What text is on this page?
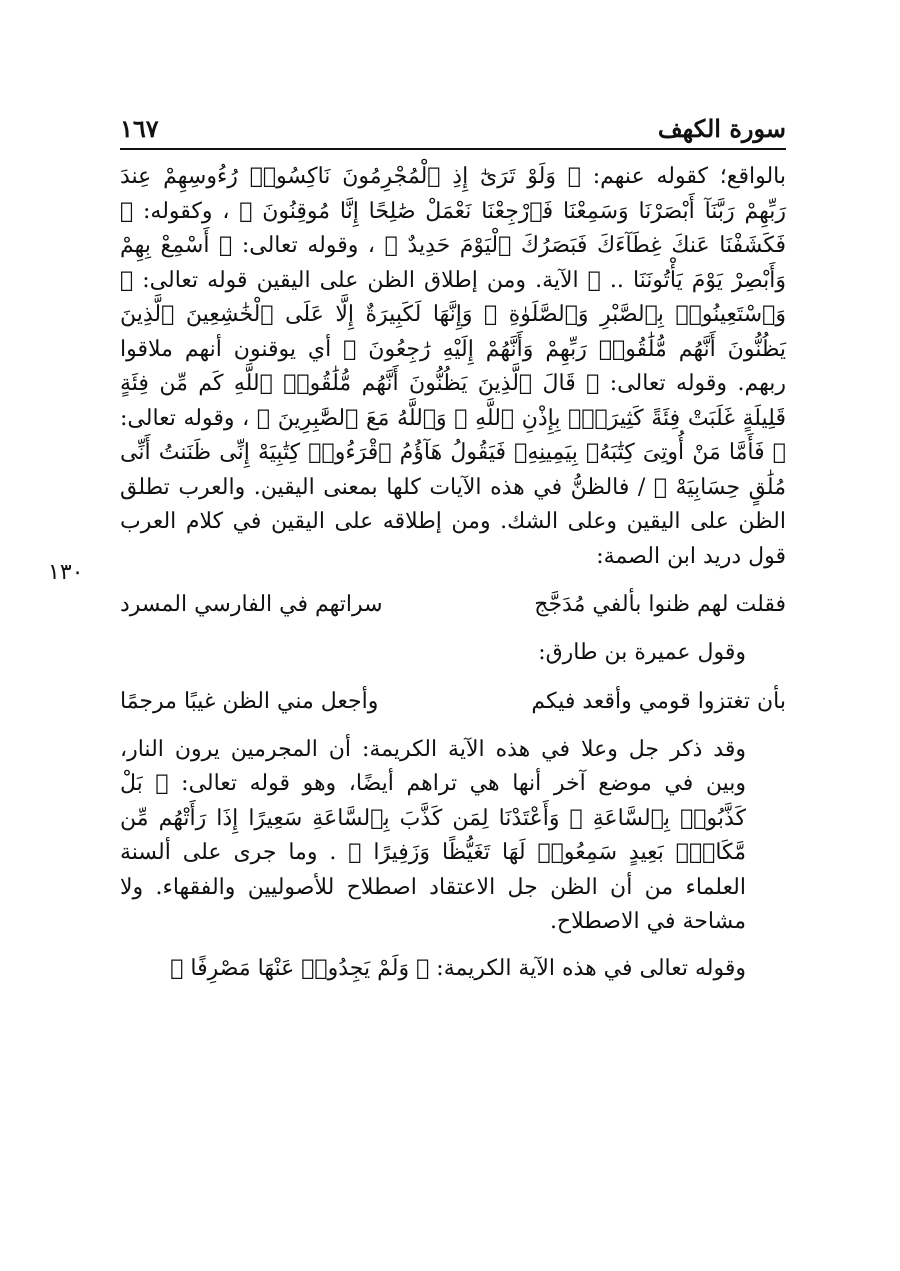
سورة الكهف
١٦٧

بالواقع؛ كقوله عنهم: ﴿ وَلَوْ تَرَىٰٓ إِذِ ٱلْمُجْرِمُونَ نَاكِسُوا۟ رُءُوسِهِمْ عِندَ رَبِّهِمْ رَبَّنَآ أَبْصَرْنَا وَسَمِعْنَا فَٱرْجِعْنَا نَعْمَلْ صَٰلِحًا إِنَّا مُوقِنُونَ ﴾ ، وكقوله: ﴿ فَكَشَفْنَا عَنكَ غِطَآءَكَ فَبَصَرُكَ ٱلْيَوْمَ حَدِيدٌ ﴾ ، وقوله تعالى: ﴿ أَسْمِعْ بِهِمْ وَأَبْصِرْ يَوْمَ يَأْتُونَنَا .. ﴾ الآية. ومن إطلاق الظن على اليقين قوله تعالى: ﴿ وَٱسْتَعِينُوا۟ بِٱلصَّبْرِ وَٱلصَّلَوٰةِ ۚ وَإِنَّهَا لَكَبِيرَةٌ إِلَّا عَلَى ٱلْخَٰشِعِينَ ٱلَّذِينَ يَظُنُّونَ أَنَّهُم مُّلَٰقُوا۟ رَبِّهِمْ وَأَنَّهُمْ إِلَيْهِ رَٰجِعُونَ ﴾ أي يوقنون أنهم ملاقوا ربهم. وقوله تعالى: ﴿ قَالَ ٱلَّذِينَ يَظُنُّونَ أَنَّهُم مُّلَٰقُوا۟ ٱللَّهِ كَم مِّن فِئَةٍ قَلِيلَةٍ غَلَبَتْ فِئَةً كَثِيرَةًۢ بِإِذْنِ ٱللَّهِ ۗ وَٱللَّهُ مَعَ ٱلصَّٰبِرِينَ ﴾ ، وقوله تعالى: ﴿ فَأَمَّا مَنْ أُوتِىَ كِتَٰبَهُۥ بِيَمِينِهِۦ فَيَقُولُ هَآؤُمُ ٱقْرَءُوا۟ كِتَٰبِيَهْ إِنِّى ظَنَنتُ أَنِّى مُلَٰقٍ حِسَابِيَهْ ﴾ / فالظنُّ في هذه الآيات كلها بمعنى اليقين. والعرب تطلق الظن على اليقين وعلى الشك. ومن إطلاقه على اليقين في كلام العرب قول دريد ابن الصمة:

فقلت لهم ظنوا بألفي مُدَجَّج
سراتهم في الفارسي المسرد

وقول عميرة بن طارق:

بأن تغتزوا قومي وأقعد فيكم
وأجعل مني الظن غيبًا مرجمًا

وقد ذكر جل وعلا في هذه الآية الكريمة: أن المجرمين يرون النار، وبين في موضع آخر أنها هي تراهم أيضًا، وهو قوله تعالى: ﴿ بَلْ كَذَّبُوا۟ بِٱلسَّاعَةِ ۖ وَأَعْتَدْنَا لِمَن كَذَّبَ بِٱلسَّاعَةِ سَعِيرًا إِذَا رَأَتْهُم مِّن مَّكَانٍۭ بَعِيدٍ سَمِعُوا۟ لَهَا تَغَيُّظًا وَزَفِيرًا ﴾ . وما جرى على ألسنة العلماء من أن الظن جل الاعتقاد اصطلاح للأصوليين والفقهاء. ولا مشاحة في الاصطلاح.

وقوله تعالى في هذه الآية الكريمة: ﴿ وَلَمْ يَجِدُوا۟ عَنْهَا مَصْرِفًا ﴾

١٣٠
